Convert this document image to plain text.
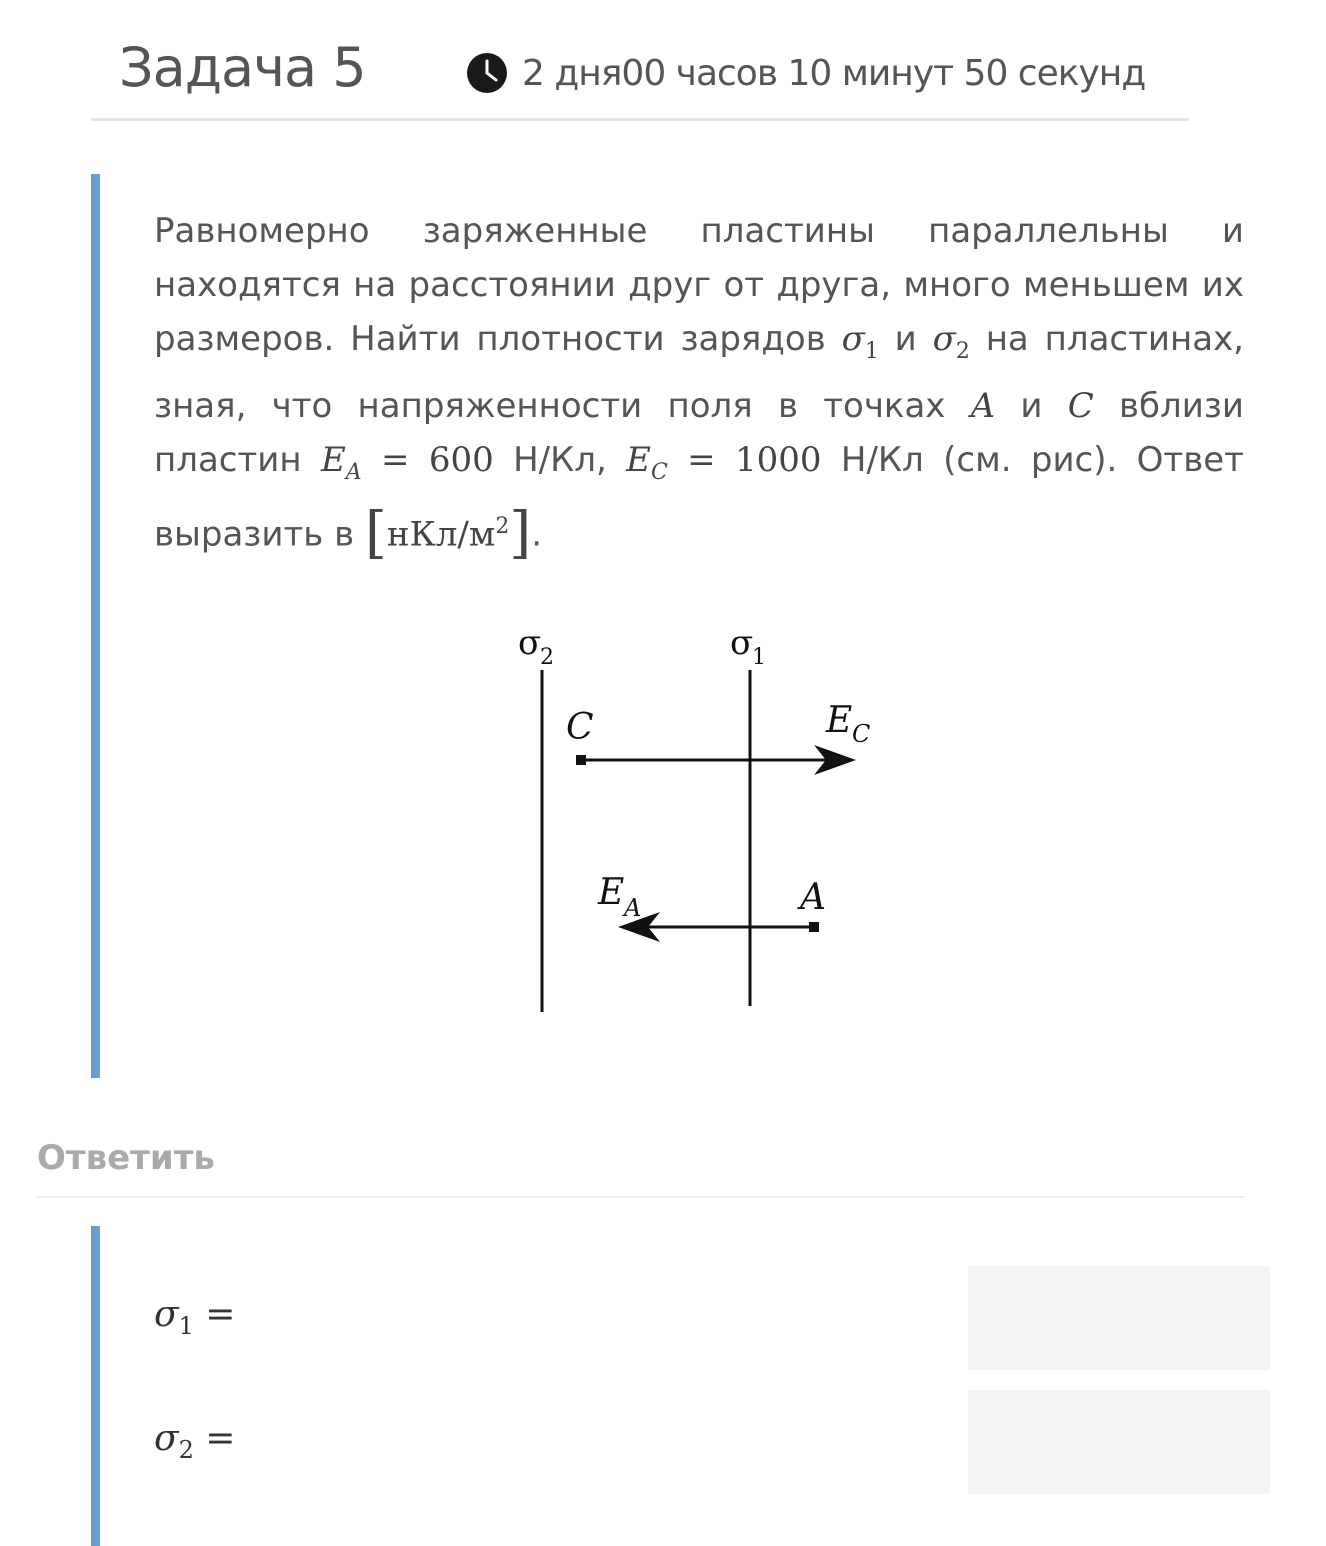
Задача 5	2 дня00 часов 10 минут 50 секунд
Равномерно заряженные пластины параллельны и находятся на расстоянии друг от друга, много меньшем их размеров. Найти плотности зарядов $\sigma_1$ и $\sigma_2$ на пластинах, зная, что напряженности поля в точках A и C вблизи пластин $E_A = 600$ Н/Кл, $E_C = 1000$ Н/Кл (см. рис). Ответ выразить в $[нКл/м^2]$.
σ
2	σ
1
C	E C
E A	A
Ответить
$\sigma_1$ =
$\sigma_2$ =
